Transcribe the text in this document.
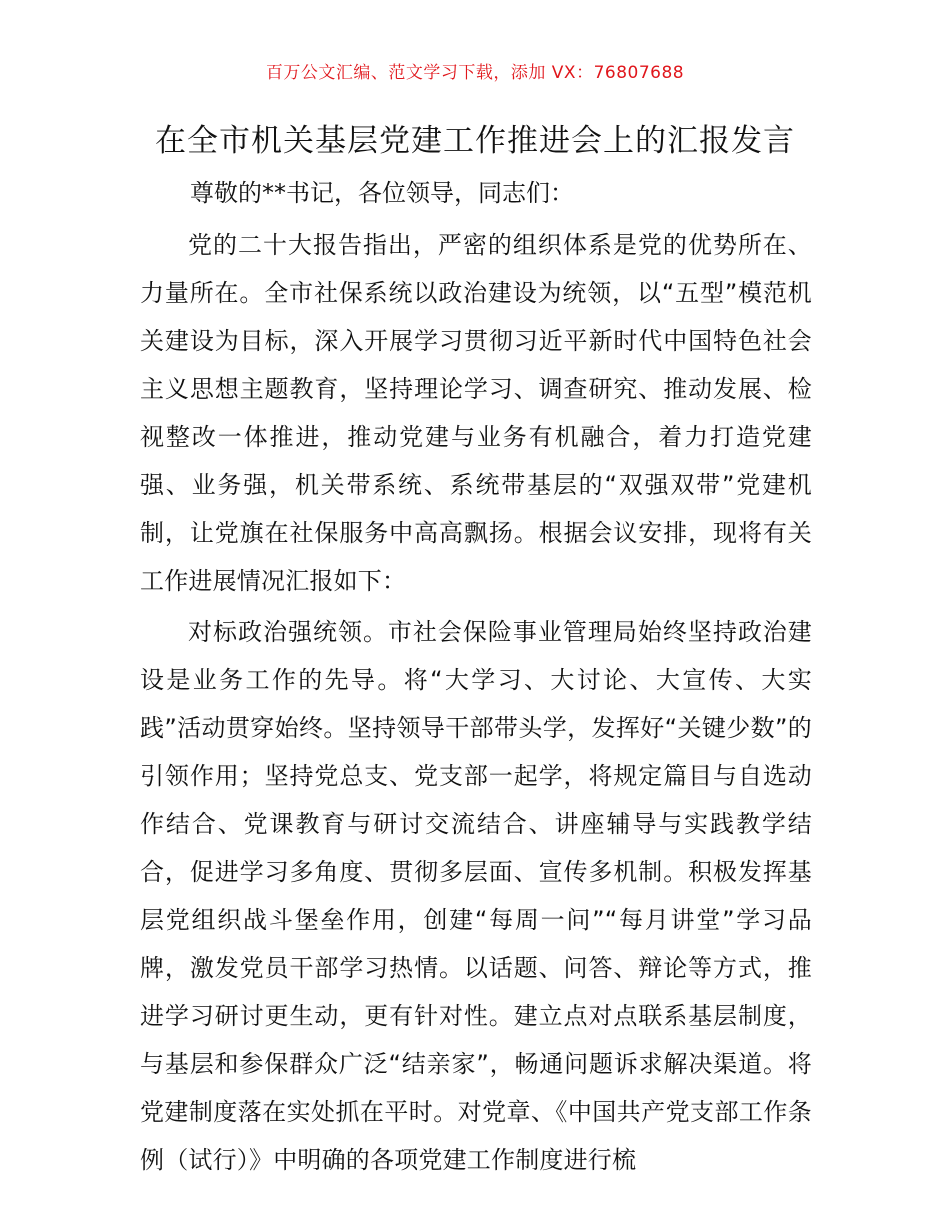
百万公文汇编、范文学习下载，添加 VX：76807688
在全市机关基层党建工作推进会上的汇报发言
尊敬的**书记，各位领导，同志们：

党的二十大报告指出，严密的组织体系是党的优势所在、力量所在。全市社保系统以政治建设为统领，以“五型”模范机关建设为目标，深入开展学习贯彻习近平新时代中国特色社会主义思想主题教育，坚持理论学习、调查研究、推动发展、检视整改一体推进，推动党建与业务有机融合，着力打造党建强、业务强，机关带系统、系统带基层的“双强双带”党建机制，让党旗在社保服务中高高飘扬。根据会议安排，现将有关工作进展情况汇报如下：

对标政治强统领。市社会保险事业管理局始终坚持政治建设是业务工作的先导。将“大学习、大讨论、大宣传、大实践”活动贯穿始终。坚持领导干部带头学，发挥好“关键少数”的引领作用；坚持党总支、党支部一起学，将规定篇目与自选动作结合、党课教育与研讨交流结合、讲座辅导与实践教学结合，促进学习多角度、贯彻多层面、宣传多机制。积极发挥基层党组织战斗堡垒作用，创建“每周一问”“每月讲堂”学习品牌，激发党员干部学习热情。以话题、问答、辩论等方式，推进学习研讨更生动，更有针对性。建立点对点联系基层制度，与基层和参保群众广泛“结亲家”，畅通问题诉求解决渠道。将党建制度落在实处抓在平时。对党章、《中国共产党支部工作条例（试行）》中明确的各项党建工作制度进行梳
